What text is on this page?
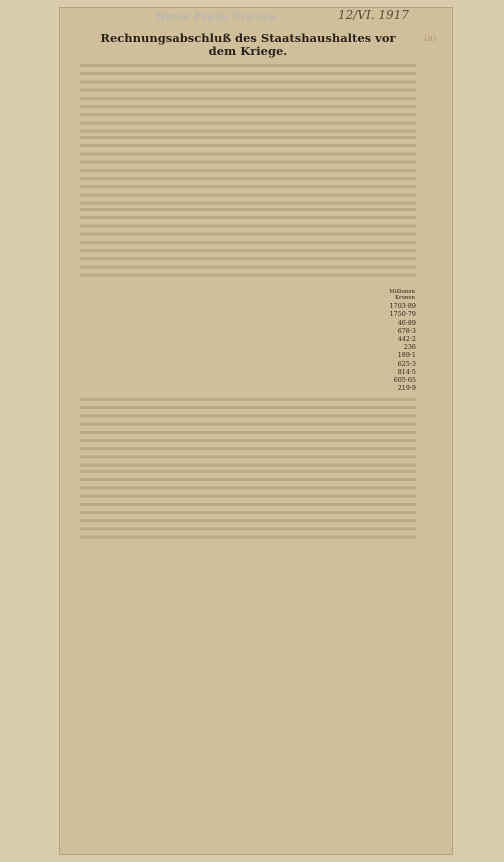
Neue Freie Presse	12/VI. 1917
(a)
Rechnungsabschluß des Staatshaushaltes vor
dem Kriege.

	Millionen Kronen
	1703·89
	1750·79
	46·89

	678·3
	442·2
	236

	189·1
	625·3
	814·5
	605·65
	219·9
